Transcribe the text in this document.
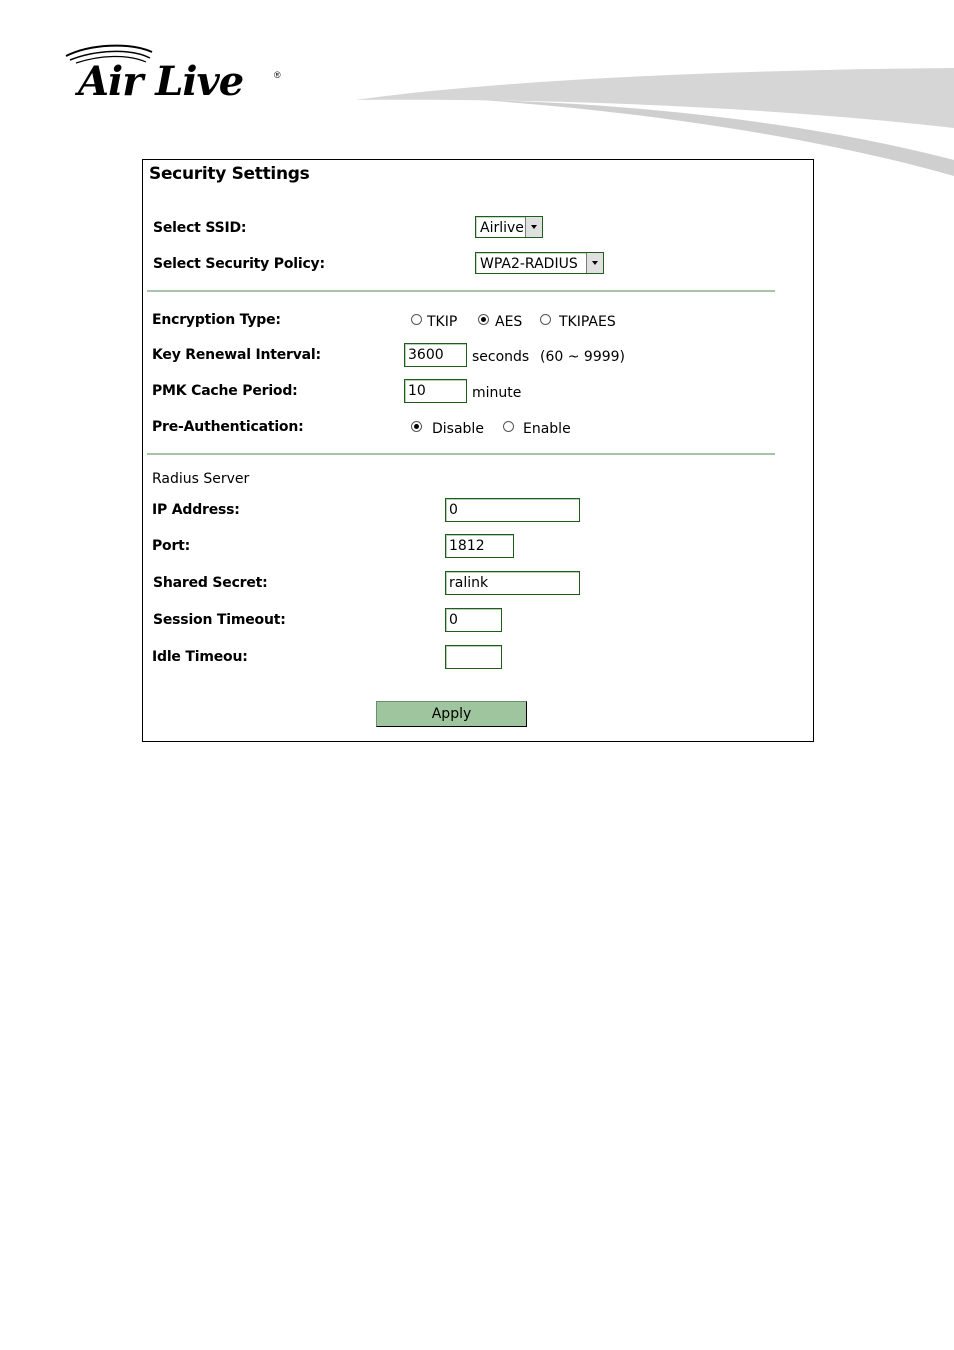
Air Live	®
Security Settings
Select SSID:	Airlive
Select Security Policy:	WPA2-RADIUS
Encryption Type:	TKIP	AES	TKIPAES
Key Renewal Interval:	3600	seconds (60 ~ 9999)
PMK Cache Period:	10	minute
Pre-Authentication:	Disable	Enable
Radius Server
IP Address:	0
Port:	1812
Shared Secret:	ralink
Session Timeout:	0
Idle Timeou:
Apply
